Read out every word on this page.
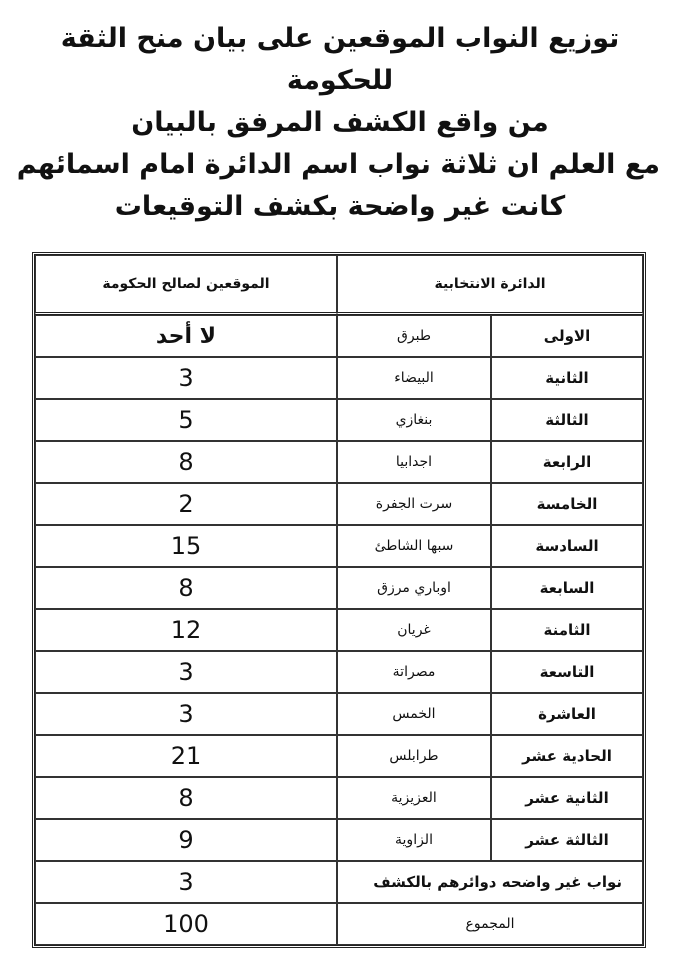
توزيع النواب الموقعين على بيان منح الثقة
للحكومة
من واقع الكشف المرفق بالبيان
مع العلم ان ثلاثة نواب اسم الدائرة امام اسمائهم
كانت غير واضحة بكشف التوقيعات
الدائرة الانتخابية		الموقعين لصالح الحكومة
الاولى	طبرق	لا أحد
الثانية	البيضاء	3
الثالثة	بنغازي	5
الرابعة	اجدابيا	8
الخامسة	سرت الجفرة	2
السادسة	سبها الشاطئ	15
السابعة	اوباري مرزق	8
الثامنة	غريان	12
التاسعة	مصراتة	3
العاشرة	الخمس	3
الحادية عشر	طرابلس	21
الثانية عشر	العزيزية	8
الثالثة عشر	الزاوية	9
نواب غير واضحه دوائرهم بالكشف		3
المجموع		100
